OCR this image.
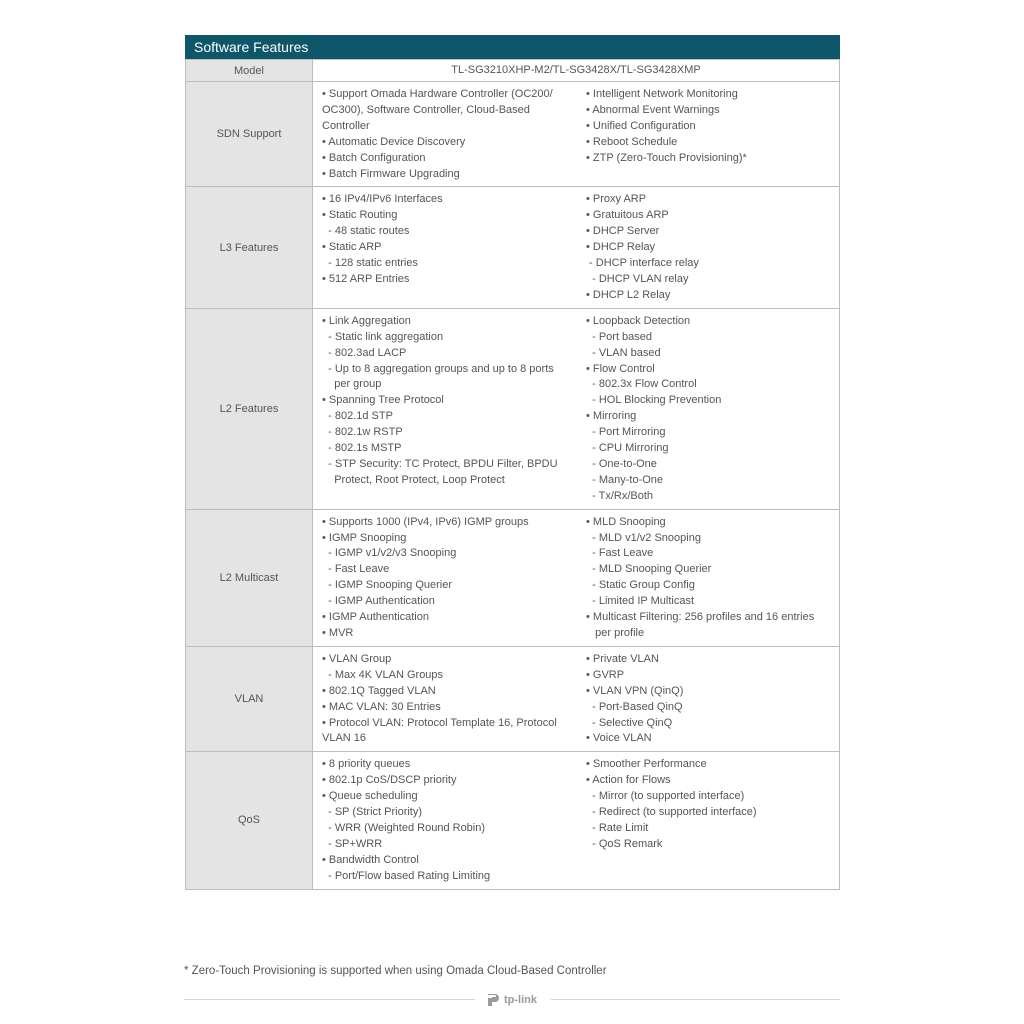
Software Features
Model	TL-SG3210XHP-M2/TL-SG3428X/TL-SG3428XMP
SDN Support
• Support Omada Hardware Controller (OC200/
OC300), Software Controller, Cloud-Based
Controller
• Automatic Device Discovery
• Batch Configuration
• Batch Firmware Upgrading
• Intelligent Network Monitoring
• Abnormal Event Warnings
• Unified Configuration
• Reboot Schedule
• ZTP (Zero-Touch Provisioning)*
L3 Features
• 16 IPv4/IPv6 Interfaces
• Static Routing
- 48 static routes
• Static ARP
- 128 static entries
• 512 ARP Entries
• Proxy ARP
• Gratuitous ARP
• DHCP Server
• DHCP Relay
- DHCP interface relay
- DHCP VLAN relay
• DHCP L2 Relay
L2 Features
• Link Aggregation
- Static link aggregation
- 802.3ad LACP
- Up to 8 aggregation groups and up to 8 ports
per group
• Spanning Tree Protocol
- 802.1d STP
- 802.1w RSTP
- 802.1s MSTP
- STP Security: TC Protect, BPDU Filter, BPDU
Protect, Root Protect, Loop Protect
• Loopback Detection
- Port based
- VLAN based
• Flow Control
- 802.3x Flow Control
- HOL Blocking Prevention
• Mirroring
- Port Mirroring
- CPU Mirroring
- One-to-One
- Many-to-One
- Tx/Rx/Both
L2 Multicast
• Supports 1000 (IPv4, IPv6) IGMP groups
• IGMP Snooping
- IGMP v1/v2/v3 Snooping
- Fast Leave
- IGMP Snooping Querier
- IGMP Authentication
• IGMP Authentication
• MVR
• MLD Snooping
- MLD v1/v2 Snooping
- Fast Leave
- MLD Snooping Querier
- Static Group Config
- Limited IP Multicast
• Multicast Filtering: 256 profiles and 16 entries
per profile
VLAN
• VLAN Group
- Max 4K VLAN Groups
• 802.1Q Tagged VLAN
• MAC VLAN: 30 Entries
• Protocol VLAN: Protocol Template 16, Protocol
VLAN 16
• Private VLAN
• GVRP
• VLAN VPN (QinQ)
- Port-Based QinQ
- Selective QinQ
• Voice VLAN
QoS
• 8 priority queues
• 802.1p CoS/DSCP priority
• Queue scheduling
- SP (Strict Priority)
- WRR (Weighted Round Robin)
- SP+WRR
• Bandwidth Control
- Port/Flow based Rating Limiting
• Smoother Performance
• Action for Flows
- Mirror (to supported interface)
- Redirect (to supported interface)
- Rate Limit
- QoS Remark
* Zero-Touch Provisioning is supported when using Omada Cloud-Based Controller
tp-link
